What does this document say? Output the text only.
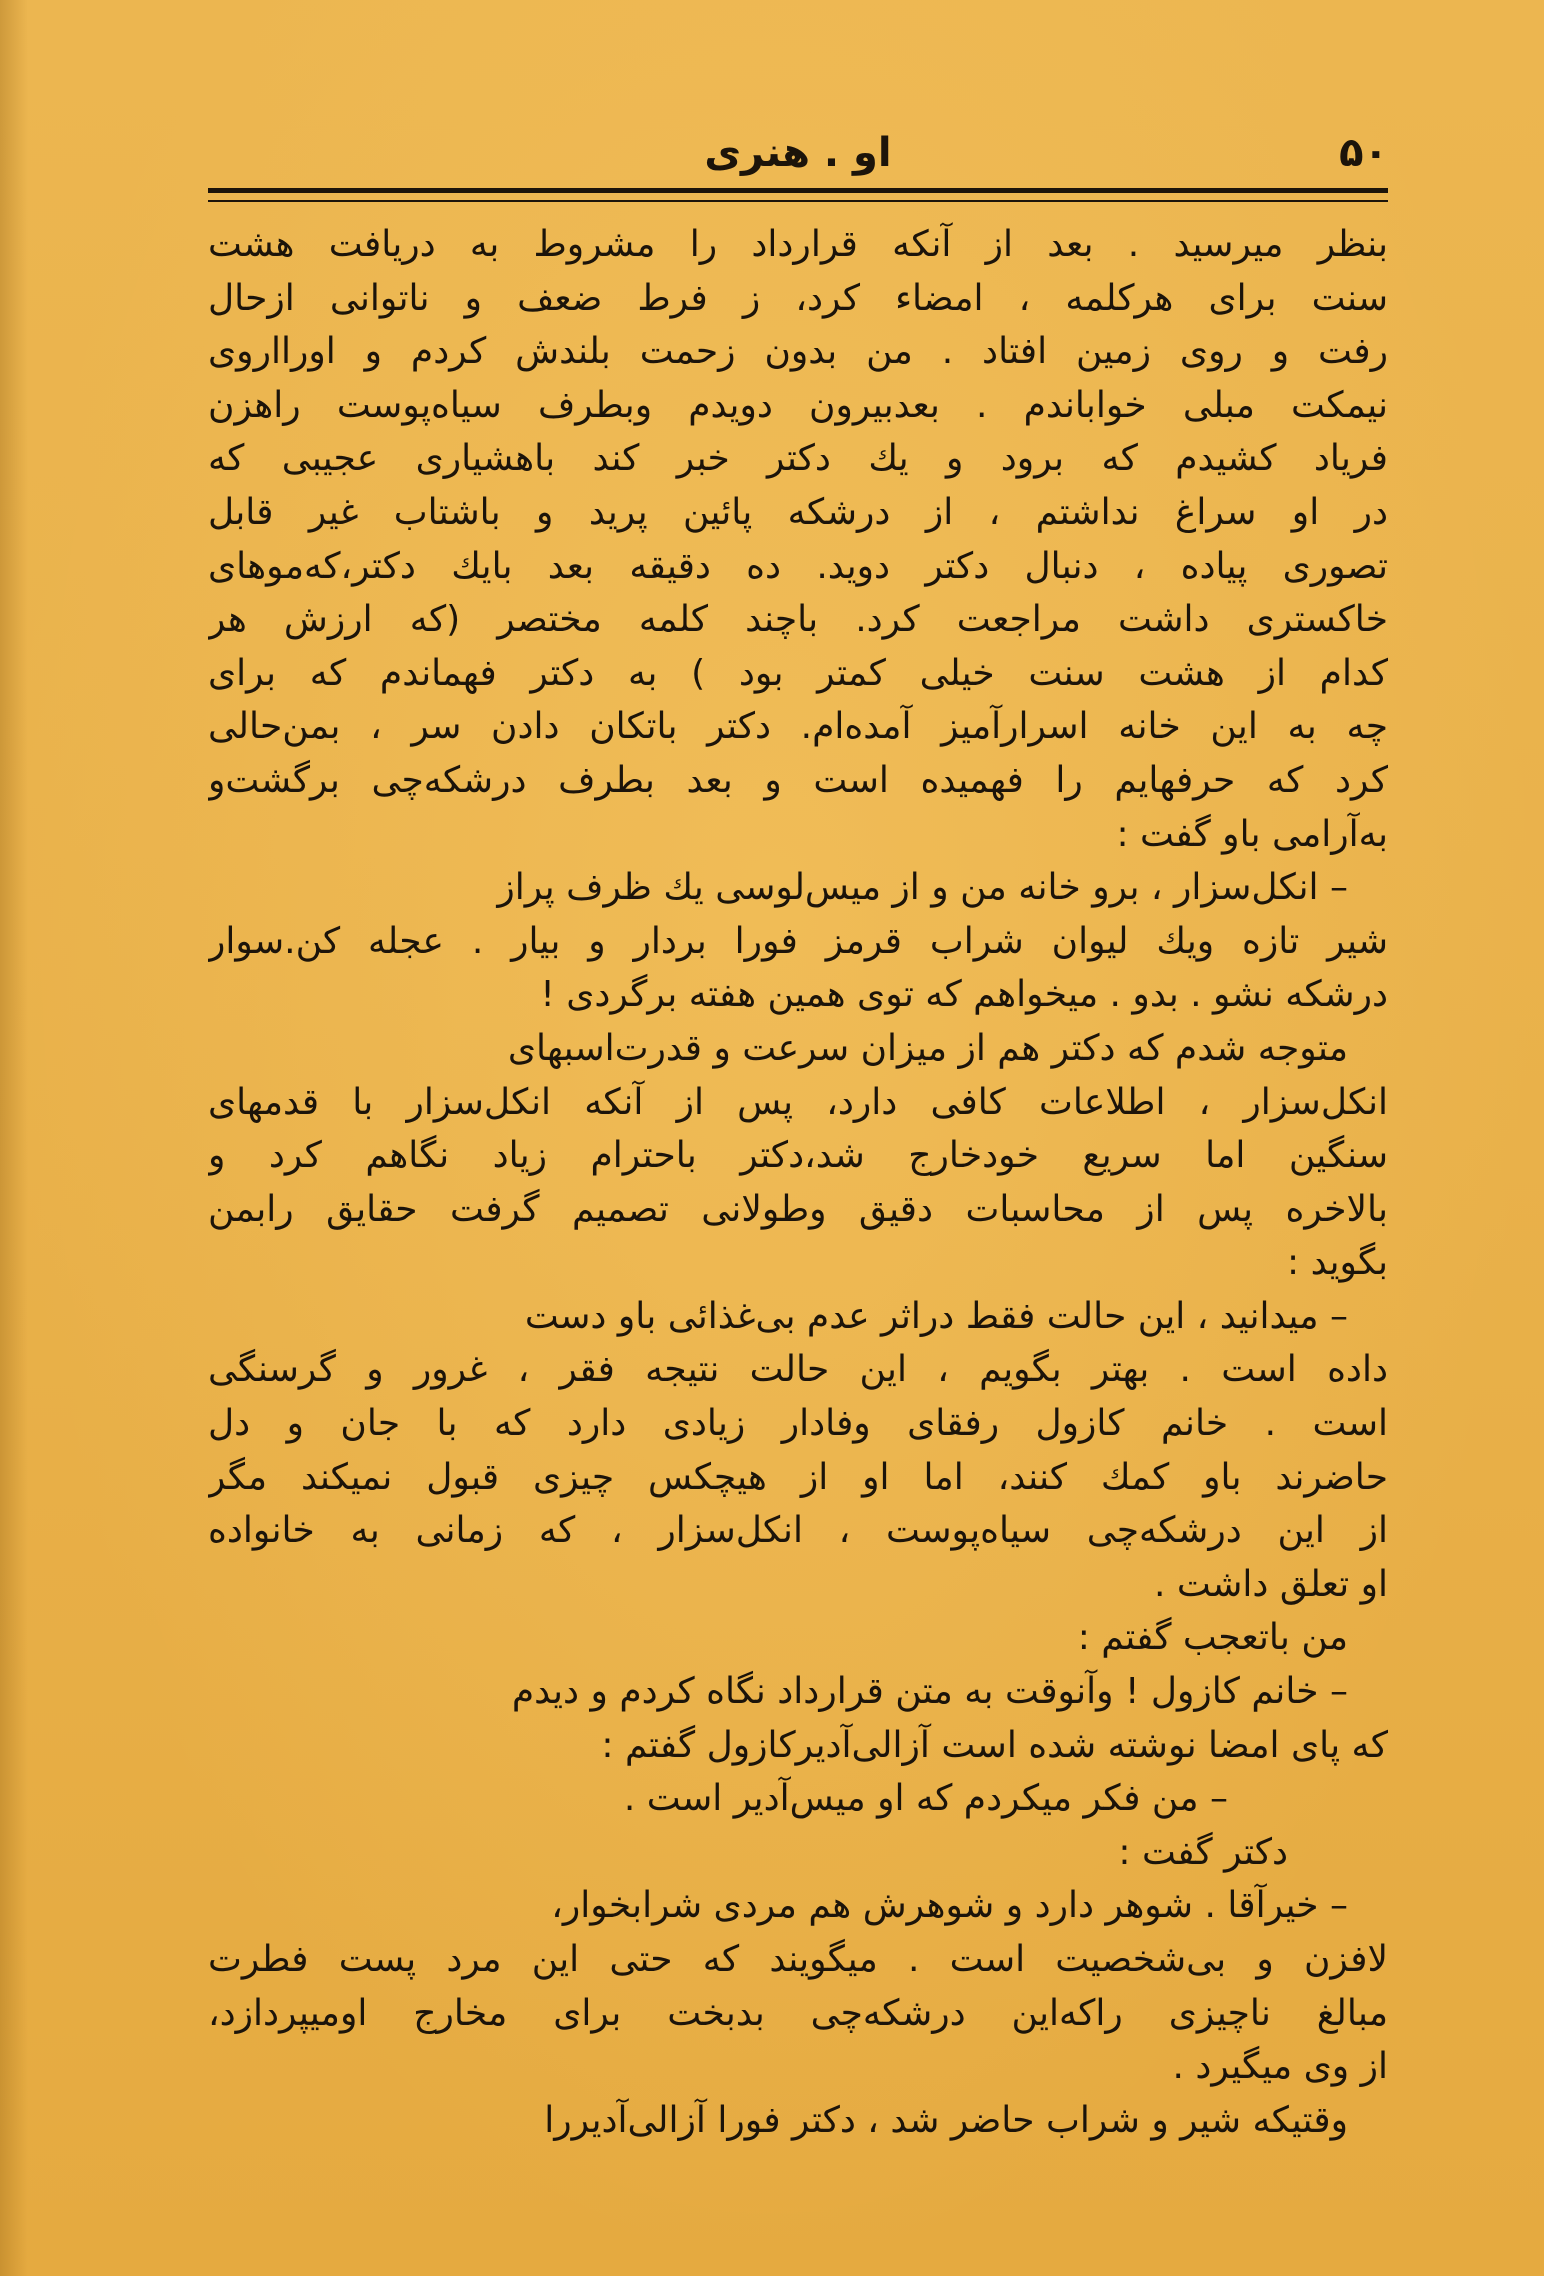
۵۰
او . هنری
بنظر میرسید . بعد از آنکه قرارداد را مشروط به دریافت هشت
سنت برای هرکلمه ، امضاء کرد، ز فرط ضعف و ناتوانی ازحال
رفت و روی زمین افتاد . من بدون زحمت بلندش کردم و اورااروی
نیمکت مبلی خواباندم . بعدبیرون دویدم وبطرف سیاه‌پوست راهزن
فریاد کشیدم که برود و یك دکتر خبر کند باهشیاری عجیبی که
در او سراغ نداشتم ، از درشکه پائین پرید و باشتاب غیر قابل
تصوری پیاده ، دنبال دکتر دوید. ده دقیقه بعد بایك دکتر،که‌موهای
خاکستری داشت مراجعت کرد. باچند کلمه مختصر (که ارزش هر
کدام از هشت سنت خیلی کمتر بود ) به دکتر فهماندم که برای
چه به این خانه اسرارآمیز آمده‌ام. دکتر باتکان دادن سر ، بمن‌حالی
کرد که حرفهایم را فهمیده است و بعد بطرف درشکه‌چی برگشت‌و
به‌آرامی باو گفت :
– انکل‌سزار ، برو خانه من و از میس‌لوسی یك ظرف پراز
شیر تازه ویك لیوان شراب قرمز فورا بردار و بیار . عجله کن.سوار
درشکه نشو . بدو . میخواهم که توی همین هفته برگردی !
متوجه شدم که دکتر هم از میزان سرعت و قدرت‌اسبهای
انکل‌سزار ، اطلاعات کافی دارد، پس از آنکه انکل‌سزار با قدمهای
سنگین اما سریع خودخارج شد،دکتر باحترام زیاد نگاهم کرد و
بالاخره پس از محاسبات دقیق وطولانی تصمیم گرفت حقایق رابمن
بگوید :
– میدانید ، این حالت فقط دراثر عدم بی‌غذائی باو دست
داده است . بهتر بگویم ، این حالت نتیجه فقر ، غرور و گرسنگی
است . خانم کازول رفقای وفادار زیادی دارد که با جان و دل
حاضرند باو کمك کنند، اما او از هیچکس چیزی قبول نمیکند مگر
از این درشکه‌چی سیاه‌پوست ، انکل‌سزار ، که زمانی به خانواده
او تعلق داشت .
من باتعجب گفتم :
– خانم کازول ! وآنوقت به متن قرارداد نگاه کردم و دیدم
که پای امضا نوشته شده است آزالی‌آدیرکازول گفتم :
– من فکر میکردم که او میس‌آدیر است .
دکتر گفت :
– خیرآقا . شوهر دارد و شوهرش هم مردی شرابخوار،
لافزن و بی‌شخصیت است . میگویند که حتی این مرد پست فطرت
مبالغ ناچیزی راکه‌این درشکه‌چی بدبخت برای مخارج اومیپردازد،
از وی میگیرد .
وقتیکه شیر و شراب حاضر شد ، دکتر فورا آزالی‌آدیررا
